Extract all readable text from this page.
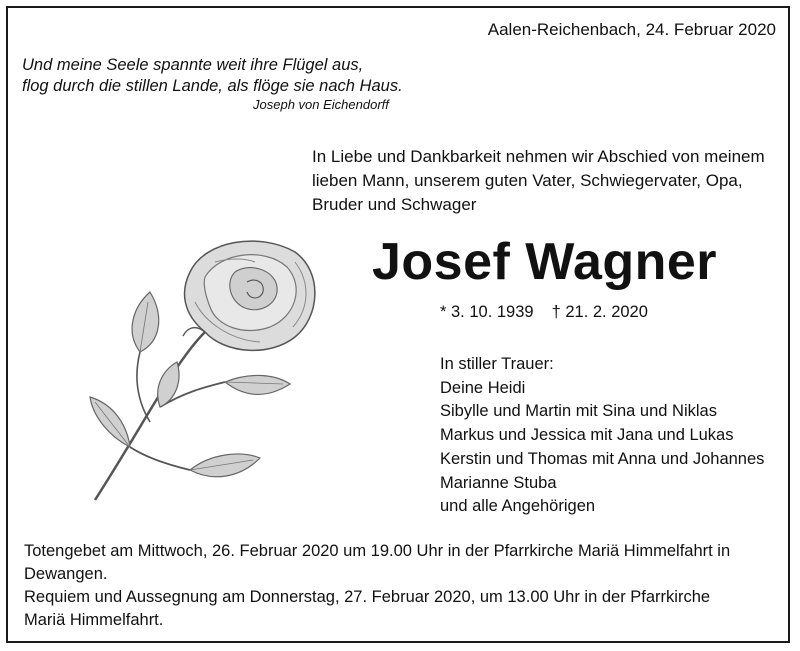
Aalen-Reichenbach, 24. Februar 2020
Und meine Seele spannte weit ihre Flügel aus,
flog durch die stillen Lande, als flöge sie nach Haus.
Joseph von Eichendorff
In Liebe und Dankbarkeit nehmen wir Abschied von meinem
lieben Mann, unserem guten Vater, Schwiegervater, Opa,
Bruder und Schwager
Josef Wagner
* 3. 10. 1939 † 21. 2. 2020
In stiller Trauer:
Deine Heidi
Sibylle und Martin mit Sina und Niklas
Markus und Jessica mit Jana und Lukas
Kerstin und Thomas mit Anna und Johannes
Marianne Stuba
und alle Angehörigen
Totengebet am Mittwoch, 26. Februar 2020 um 19.00 Uhr in der Pfarrkirche Mariä Himmelfahrt in
Dewangen.
Requiem und Aussegnung am Donnerstag, 27. Februar 2020, um 13.00 Uhr in der Pfarrkirche
Mariä Himmelfahrt.
